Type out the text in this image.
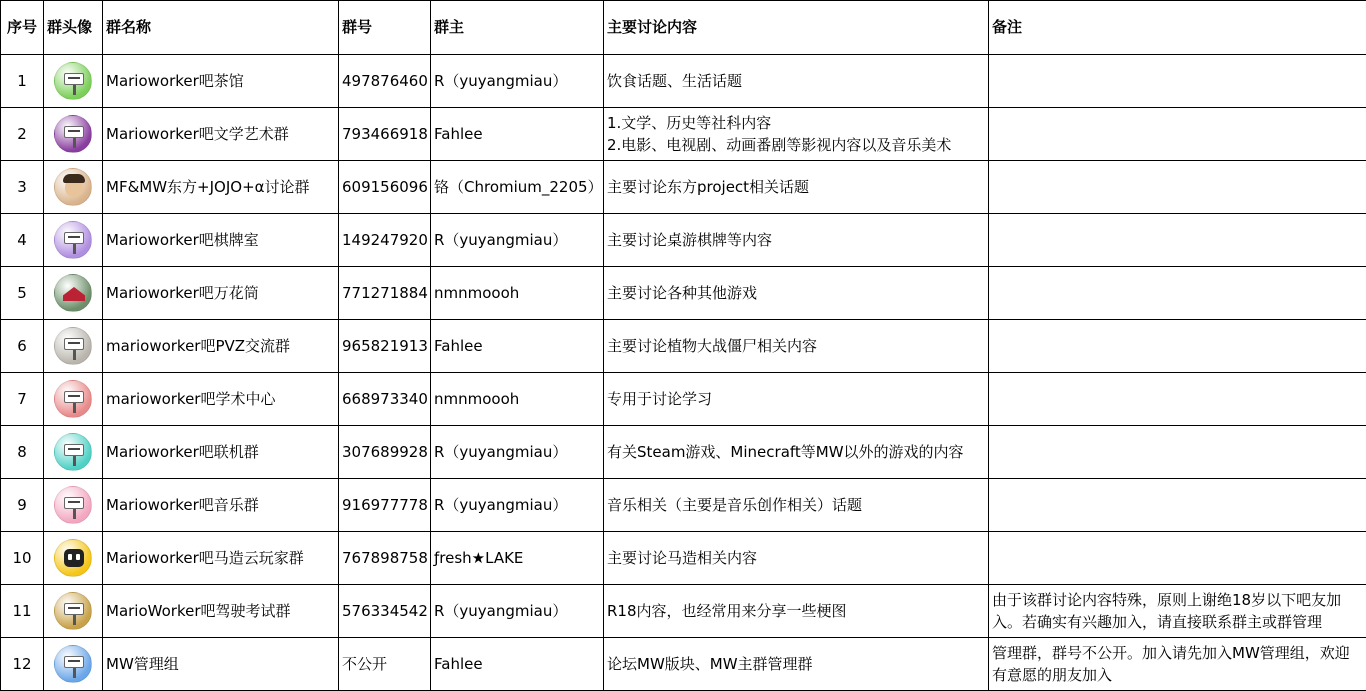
序号	群头像	群名称	群号	群主	主要讨论内容	备注
1		Marioworker吧茶馆	497876460	R（yuyangmiau）	饮食话题、生活话题	
2		Marioworker吧文学艺术群	793466918	Fahlee	1.文学、历史等社科内容
2.电影、电视剧、动画番剧等影视内容以及音乐美术	
3		MF&MW东方+JOJO+α讨论群	609156096	铬（Chromium_2205）	主要讨论东方project相关话题	
4		Marioworker吧棋牌室	149247920	R（yuyangmiau）	主要讨论桌游棋牌等内容	
5		Marioworker吧万花筒	771271884	nmnmoooh	主要讨论各种其他游戏	
6		marioworker吧PVZ交流群	965821913	Fahlee	主要讨论植物大战僵尸相关内容	
7		marioworker吧学术中心	668973340	nmnmoooh	专用于讨论学习	
8		Marioworker吧联机群	307689928	R（yuyangmiau）	有关Steam游戏、Minecraft等MW以外的游戏的内容	
9		Marioworker吧音乐群	916977778	R（yuyangmiau）	音乐相关（主要是音乐创作相关）话题	
10		Marioworker吧马造云玩家群	767898758	ƒresh★LAKE	主要讨论马造相关内容	
11		MarioWorker吧驾驶考试群	576334542	R（yuyangmiau）	R18内容，也经常用来分享一些梗图	由于该群讨论内容特殊，原则上谢绝18岁以下吧友加入。若确实有兴趣加入，请直接联系群主或群管理
12		MW管理组	不公开	Fahlee	论坛MW版块、MW主群管理群	管理群，群号不公开。加入请先加入MW管理组，欢迎有意愿的朋友加入
